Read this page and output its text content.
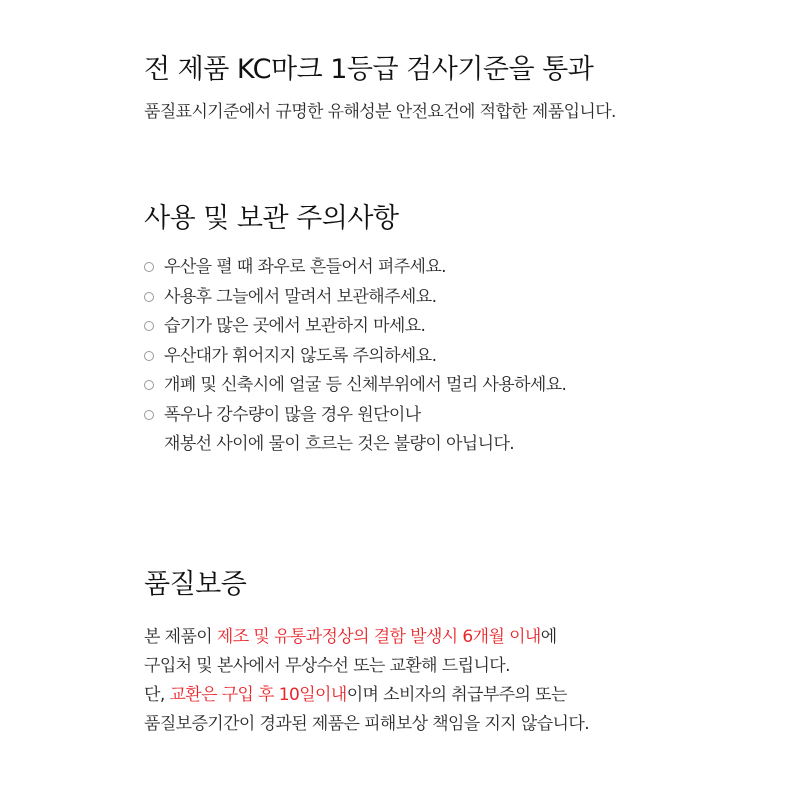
전 제품 KC마크 1등급 검사기준을 통과

품질표시기준에서 규명한 유해성분 안전요건에 적합한 제품입니다.

사용 및 보관 주의사항
우산을 펼 때 좌우로 흔들어서 펴주세요.
사용후 그늘에서 말려서 보관해주세요.
습기가 많은 곳에서 보관하지 마세요.
우산대가 휘어지지 않도록 주의하세요.
개폐 및 신축시에 얼굴 등 신체부위에서 멀리 사용하세요.
폭우나 강수량이 많을 경우 원단이나
재봉선 사이에 물이 흐르는 것은 불량이 아닙니다.
품질보증

본 제품이 제조 및 유통과정상의 결함 발생시 6개월 이내에

구입처 및 본사에서 무상수선 또는 교환해 드립니다.

단, 교환은 구입 후 10일이내이며 소비자의 취급부주의 또는

품질보증기간이 경과된 제품은 피해보상 책임을 지지 않습니다.
